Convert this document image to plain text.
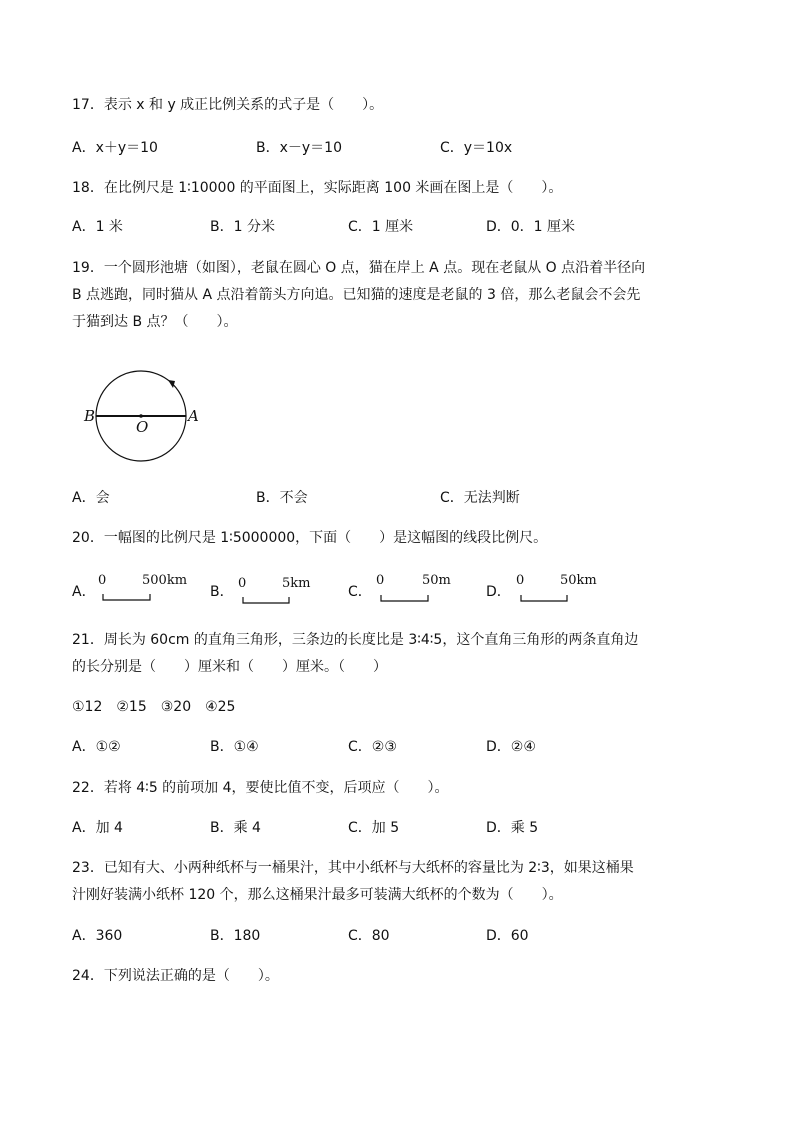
17．表示 x 和 y 成正比例关系的式子是（　　）。
A．x＋y＝10	B．x－y＝10	C．y＝10x
18．在比例尺是 1∶10000 的平面图上，实际距离 100 米画在图上是（　　）。
A．1 米	B．1 分米	C．1 厘米	D．0．1 厘米
19．一个圆形池塘（如图），老鼠在圆心 O 点，猫在岸上 A 点。现在老鼠从 O 点沿着半径向
B 点逃跑，同时猫从 A 点沿着箭头方向追。已知猫的速度是老鼠的 3 倍，那么老鼠会不会先
于猫到达 B 点？（　　）。
B
O
A
A．会	B．不会	C．无法判断
20．一幅图的比例尺是 1∶5000000，下面（　　）是这幅图的线段比例尺。
A．
0	500km
B．
0	5km
C．
0	50m
D．
0	50km
21．周长为 60cm 的直角三角形，三条边的长度比是 3∶4∶5，这个直角三角形的两条直角边
的长分别是（　　）厘米和（　　）厘米。（　　）
①12　②15　③20　④25
A．①②	B．①④	C．②③	D．②④
22．若将 4∶5 的前项加 4，要使比值不变，后项应（　　）。
A．加 4	B．乘 4	C．加 5	D．乘 5
23．已知有大、小两种纸杯与一桶果汁，其中小纸杯与大纸杯的容量比为 2∶3，如果这桶果
汁刚好装满小纸杯 120 个，那么这桶果汁最多可装满大纸杯的个数为（　　）。
A．360	B．180	C．80	D．60
24．下列说法正确的是（　　）。
